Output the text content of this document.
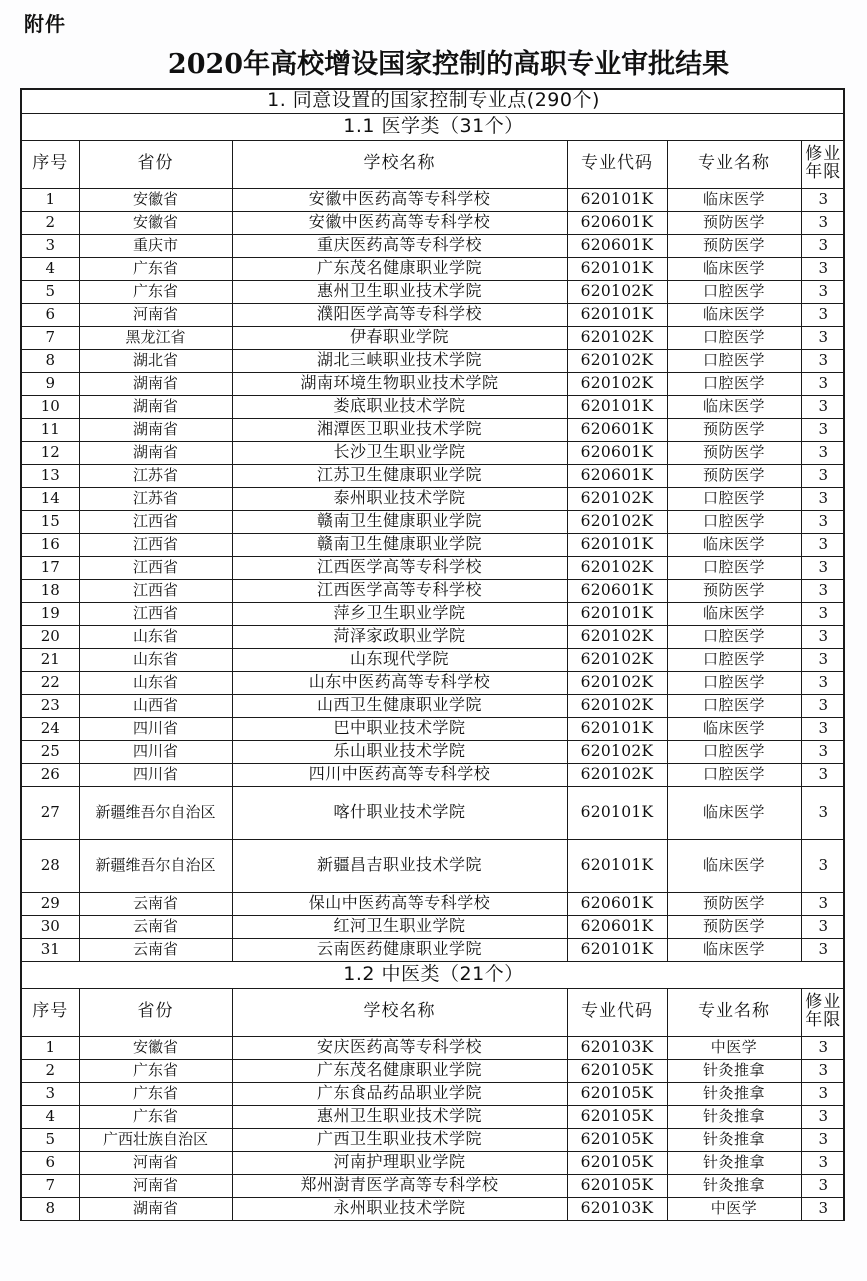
附件
2020年高校增设国家控制的高职专业审批结果
1. 同意设置的国家控制专业点(290个)					
1.1 医学类（31个）					
序号	省份	学校名称	专业代码	专业名称	修业
年限

1	安徽省	安徽中医药高等专科学校	620101K	临床医学	3
2	安徽省	安徽中医药高等专科学校	620601K	预防医学	3
3	重庆市	重庆医药高等专科学校	620601K	预防医学	3
4	广东省	广东茂名健康职业学院	620101K	临床医学	3
5	广东省	惠州卫生职业技术学院	620102K	口腔医学	3
6	河南省	濮阳医学高等专科学校	620101K	临床医学	3
7	黑龙江省	伊春职业学院	620102K	口腔医学	3
8	湖北省	湖北三峡职业技术学院	620102K	口腔医学	3
9	湖南省	湖南环境生物职业技术学院	620102K	口腔医学	3
10	湖南省	娄底职业技术学院	620101K	临床医学	3
11	湖南省	湘潭医卫职业技术学院	620601K	预防医学	3
12	湖南省	长沙卫生职业学院	620601K	预防医学	3
13	江苏省	江苏卫生健康职业学院	620601K	预防医学	3
14	江苏省	泰州职业技术学院	620102K	口腔医学	3
15	江西省	赣南卫生健康职业学院	620102K	口腔医学	3
16	江西省	赣南卫生健康职业学院	620101K	临床医学	3
17	江西省	江西医学高等专科学校	620102K	口腔医学	3
18	江西省	江西医学高等专科学校	620601K	预防医学	3
19	江西省	萍乡卫生职业学院	620101K	临床医学	3
20	山东省	菏泽家政职业学院	620102K	口腔医学	3
21	山东省	山东现代学院	620102K	口腔医学	3
22	山东省	山东中医药高等专科学校	620102K	口腔医学	3
23	山西省	山西卫生健康职业学院	620102K	口腔医学	3
24	四川省	巴中职业技术学院	620101K	临床医学	3
25	四川省	乐山职业技术学院	620102K	口腔医学	3
26	四川省	四川中医药高等专科学校	620102K	口腔医学	3
27	新疆维吾尔自治区	喀什职业技术学院	620101K	临床医学	3
28	新疆维吾尔自治区	新疆昌吉职业技术学院	620101K	临床医学	3
29	云南省	保山中医药高等专科学校	620601K	预防医学	3
30	云南省	红河卫生职业学院	620601K	预防医学	3
31	云南省	云南医药健康职业学院	620101K	临床医学	3
1.2 中医类（21个）					
序号	省份	学校名称	专业代码	专业名称	修业
年限

1	安徽省	安庆医药高等专科学校	620103K	中医学	3
2	广东省	广东茂名健康职业学院	620105K	针灸推拿	3
3	广东省	广东食品药品职业学院	620105K	针灸推拿	3
4	广东省	惠州卫生职业技术学院	620105K	针灸推拿	3
5	广西壮族自治区	广西卫生职业技术学院	620105K	针灸推拿	3
6	河南省	河南护理职业学院	620105K	针灸推拿	3
7	河南省	郑州澍青医学高等专科学校	620105K	针灸推拿	3
8	湖南省	永州职业技术学院	620103K	中医学	3
